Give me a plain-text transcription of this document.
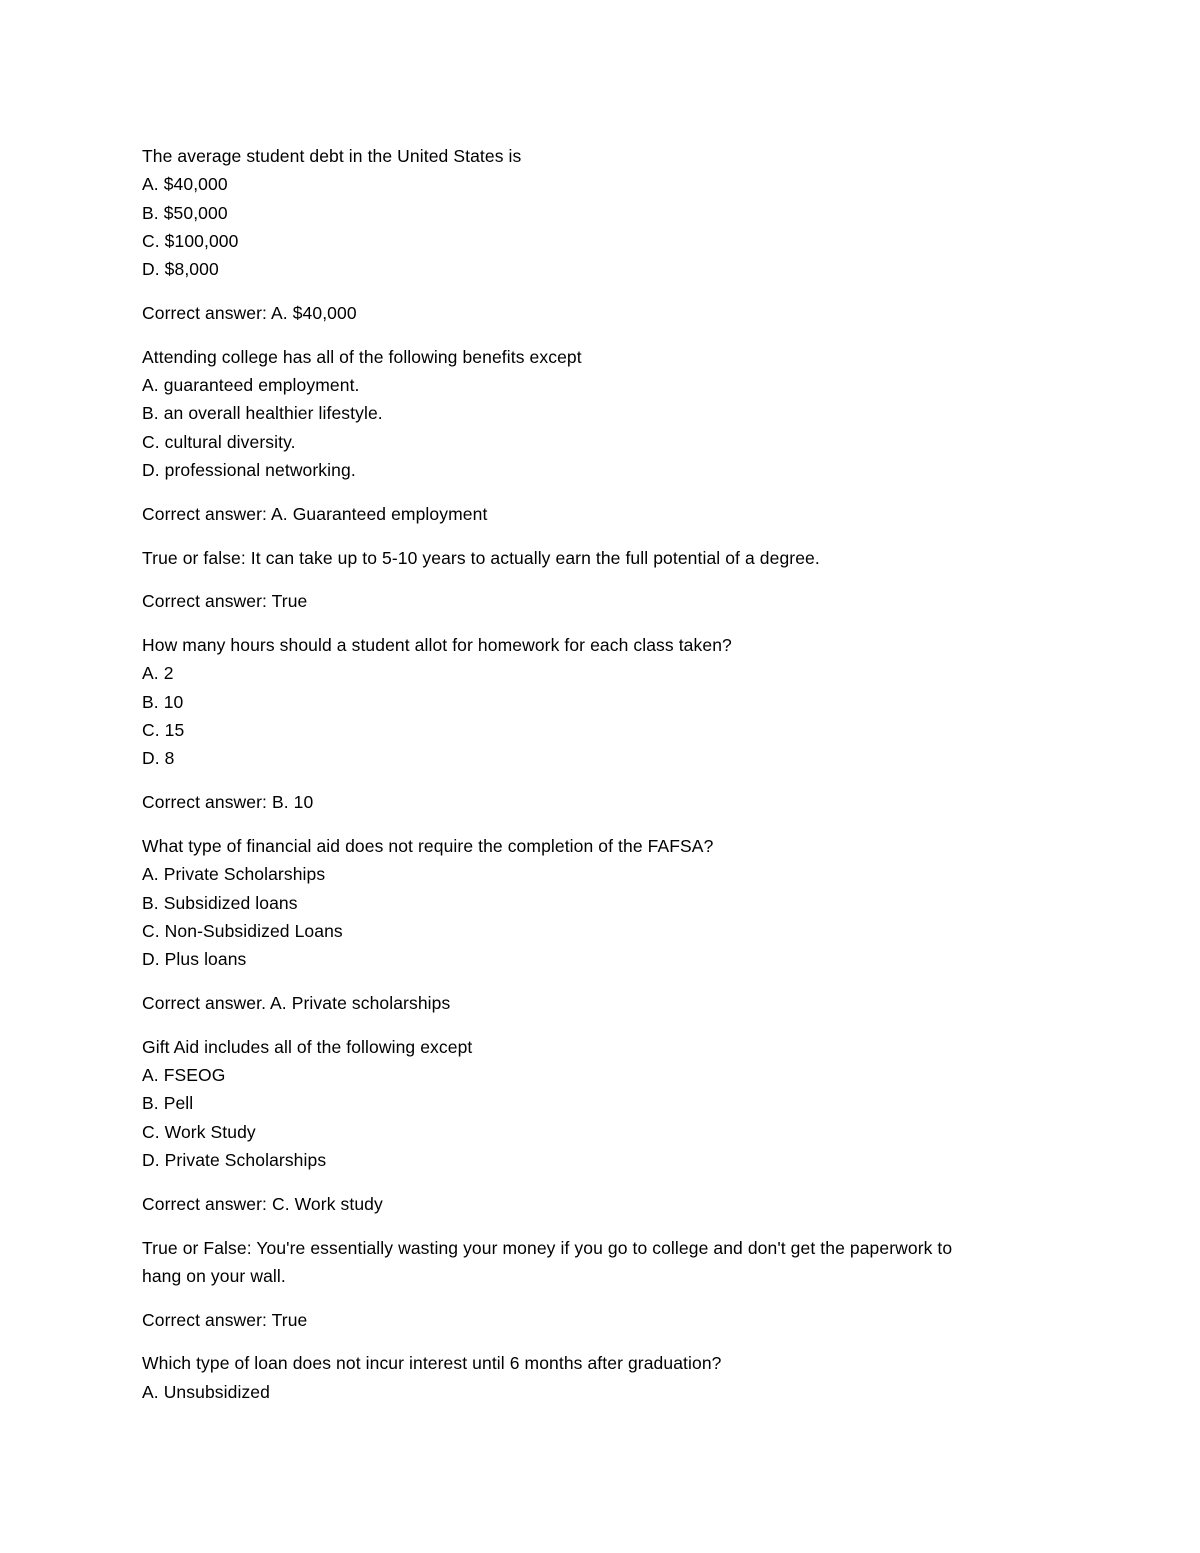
The average student debt in the United States is
A. $40,000
B. $50,000
C. $100,000
D. $8,000
Correct answer: A. $40,000
Attending college has all of the following benefits except
A. guaranteed employment.
B. an overall healthier lifestyle.
C. cultural diversity.
D. professional networking.
Correct answer: A. Guaranteed employment
True or false: It can take up to 5-10 years to actually earn the full potential of a degree.
Correct answer: True
How many hours should a student allot for homework for each class taken?
A. 2
B. 10
C. 15
D. 8
Correct answer: B. 10
What type of financial aid does not require the completion of the FAFSA?
A. Private Scholarships
B. Subsidized loans
C. Non-Subsidized Loans
D. Plus loans
Correct answer. A. Private scholarships
Gift Aid includes all of the following except
A. FSEOG
B. Pell
C. Work Study
D. Private Scholarships
Correct answer: C. Work study
True or False: You're essentially wasting your money if you go to college and don't get the paperwork to
hang on your wall.
Correct answer: True
Which type of loan does not incur interest until 6 months after graduation?
A. Unsubsidized
